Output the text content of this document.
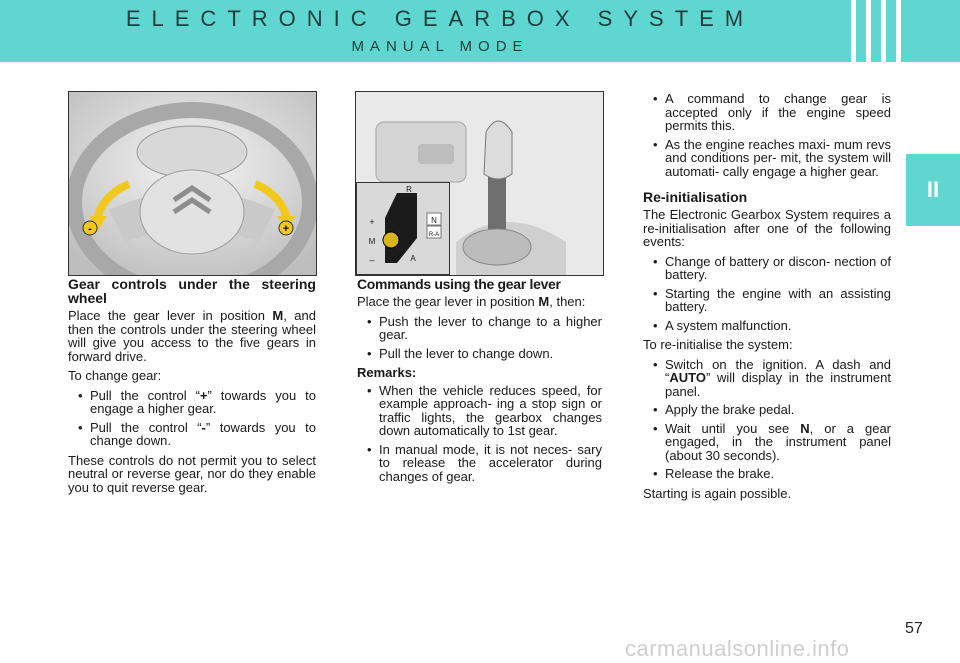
ELECTRONIC GEARBOX SYSTEM
MANUAL MODE
II
-	+
R
A
M
+
–
N
R-A
Gear controls under the steering wheel

Place the gear lever in position M, and then the controls under the steering wheel will give you access to the five gears in forward drive.

To change gear:

• Pull the control “+” towards you to engage a higher gear.
• Pull the control “-” towards you to change down.

These controls do not permit you to select neutral or reverse gear, nor do they enable you to quit reverse gear.

Commands using the gear lever

Place the gear lever in position M, then:

• Push the lever to change to a higher gear.
• Pull the lever to change down.
Remarks:
• When the vehicle reduces speed, for example approach- ing a stop sign or traffic lights, the gearbox changes down automatically to 1st gear.
• In manual mode, it is not neces- sary to release the accelerator during changes of gear.
• A command to change gear is accepted only if the engine speed permits this.
• As the engine reaches maxi- mum revs and conditions per- mit, the system will automati- cally engage a higher gear.
Re-initialisation

The Electronic Gearbox System requires a re-initialisation after one of the following events:

• Change of battery or discon- nection of battery.
• Starting the engine with an assisting battery.
• A system malfunction.

To re-initialise the system:

• Switch on the ignition. A dash and “AUTO” will display in the instrument panel.
• Apply the brake pedal.
• Wait until you see N, or a gear engaged, in the instrument panel (about 30 seconds).
• Release the brake.

Starting is again possible.

57
carmanualsonline.info
